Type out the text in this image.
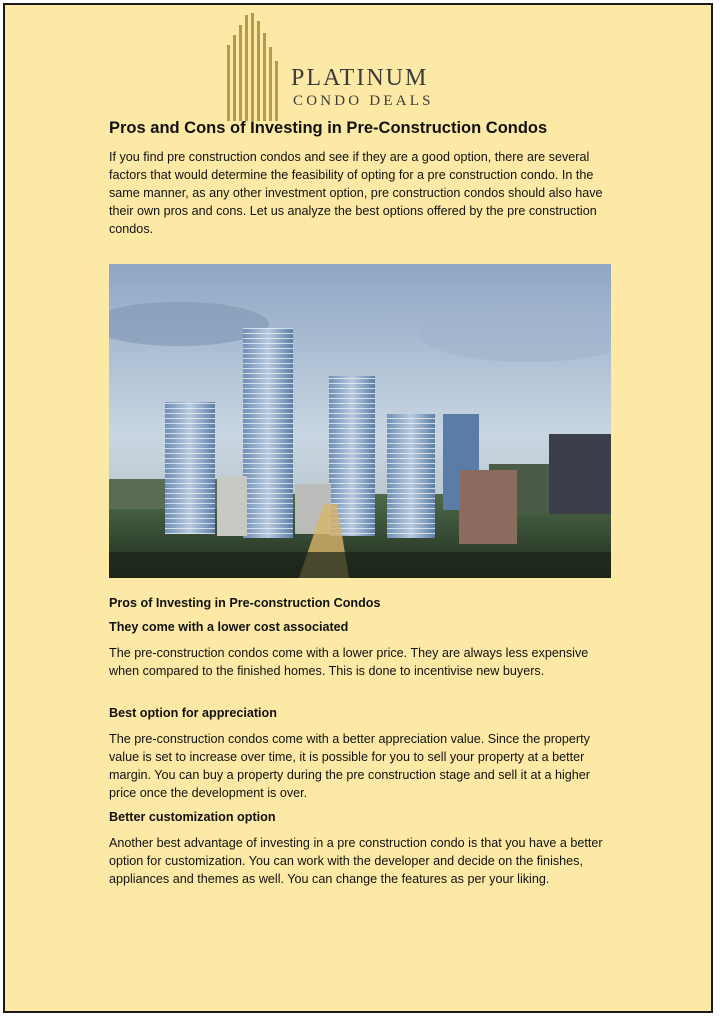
PLATINUM
CONDO DEALS
Pros and Cons of Investing in Pre-Construction Condos

If you find pre construction condos and see if they are a good option, there are several factors that would determine the feasibility of opting for a pre construction condo. In the same manner, as any other investment option, pre construction condos should also have their own pros and cons. Let us analyze the best options offered by the pre construction condos.

Pros of Investing in Pre-construction Condos
They come with a lower cost associated

The pre-construction condos come with a lower price. They are always less expensive when compared to the finished homes. This is done to incentivise new buyers.

Best option for appreciation

The pre-construction condos come with a better appreciation value. Since the property value is set to increase over time, it is possible for you to sell your property at a better margin. You can buy a property during the pre construction stage and sell it at a higher price once the development is over.

Better customization option

Another best advantage of investing in a pre construction condo is that you have a better option for customization. You can work with the developer and decide on the finishes, appliances and themes as well. You can change the features as per your liking.
